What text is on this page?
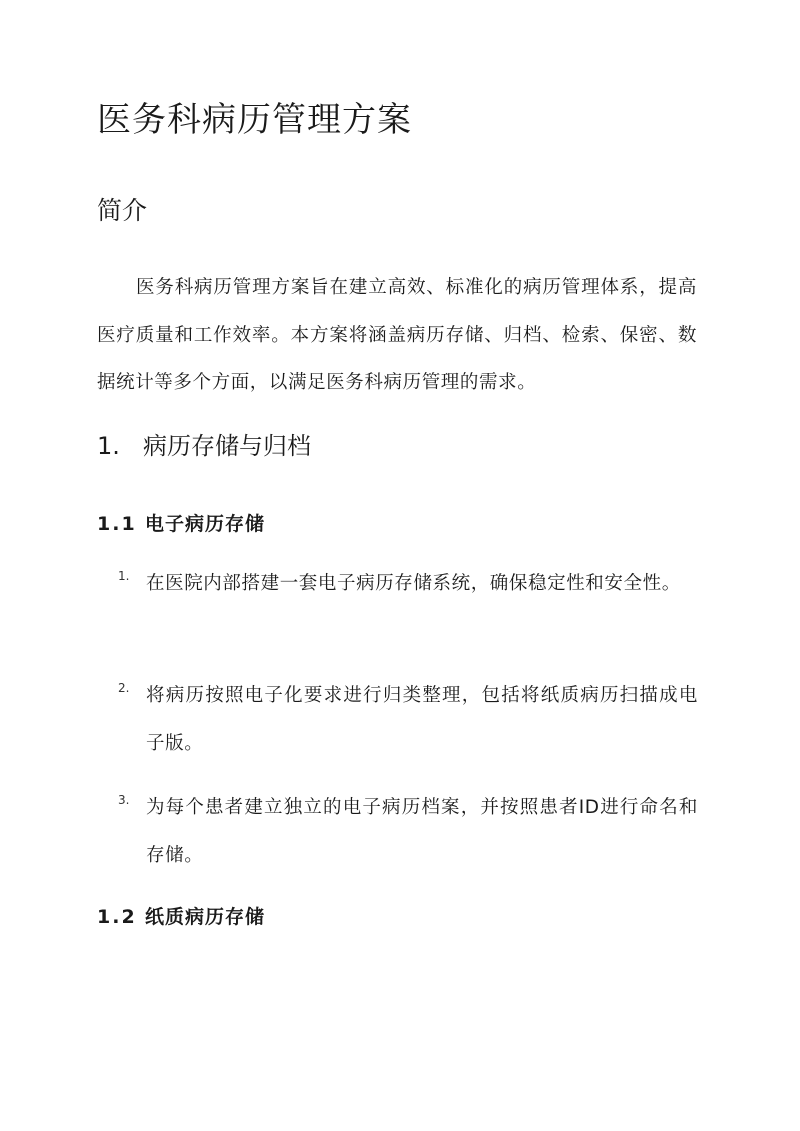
医务科病历管理方案
简介

医务科病历管理方案旨在建立高效、标准化的病历管理体系，提高医疗质量和工作效率。本方案将涵盖病历存储、归档、检索、保密、数据统计等多个方面，以满足医务科病历管理的需求。

1. 病历存储与归档
1.1 电子病历存储
1. 在医院内部搭建一套电子病历存储系统，确保稳定性和安全性。
2. 将病历按照电子化要求进行归类整理，包括将纸质病历扫描成电子版。
3. 为每个患者建立独立的电子病历档案，并按照患者ID进行命名和存储。
1.2 纸质病历存储
